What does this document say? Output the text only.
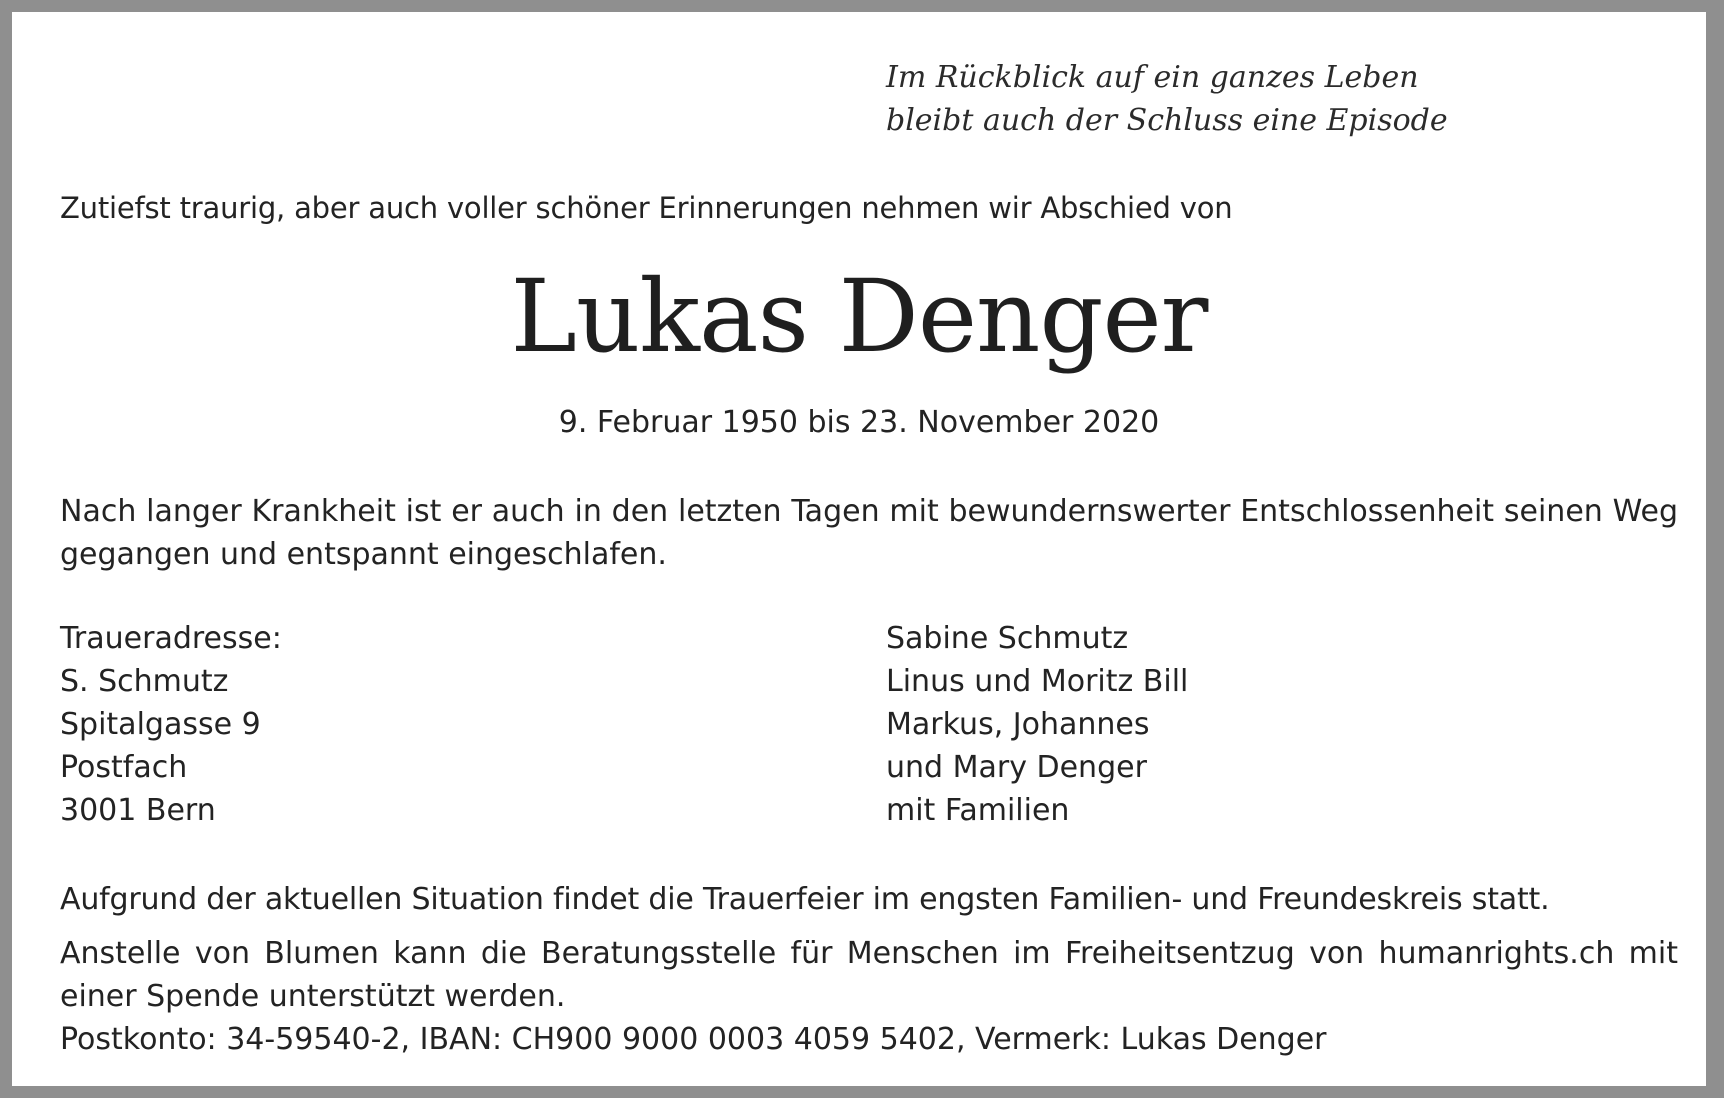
Im Rückblick auf ein ganzes Leben
bleibt auch der Schluss eine Episode
Zutiefst traurig, aber auch voller schöner Erinnerungen nehmen wir Abschied von
Lukas Denger
9. Februar 1950 bis 23. November 2020
Nach langer Krankheit ist er auch in den letzten Tagen mit bewundernswerter Entschlossenheit seinen Weg gegangen und entspannt eingeschlafen.
Traueradresse:
S. Schmutz
Spitalgasse 9
Postfach
3001 Bern
Sabine Schmutz
Linus und Moritz Bill
Markus, Johannes
und Mary Denger
mit Familien
Aufgrund der aktuellen Situation findet die Trauerfeier im engsten Familien- und Freundeskreis statt.
Anstelle von Blumen kann die Beratungsstelle für Menschen im Freiheitsentzug von humanrights.ch mit einer Spende unterstützt werden.
Postkonto: 34-59540-2, IBAN: CH900 9000 0003 4059 5402, Vermerk: Lukas Denger
